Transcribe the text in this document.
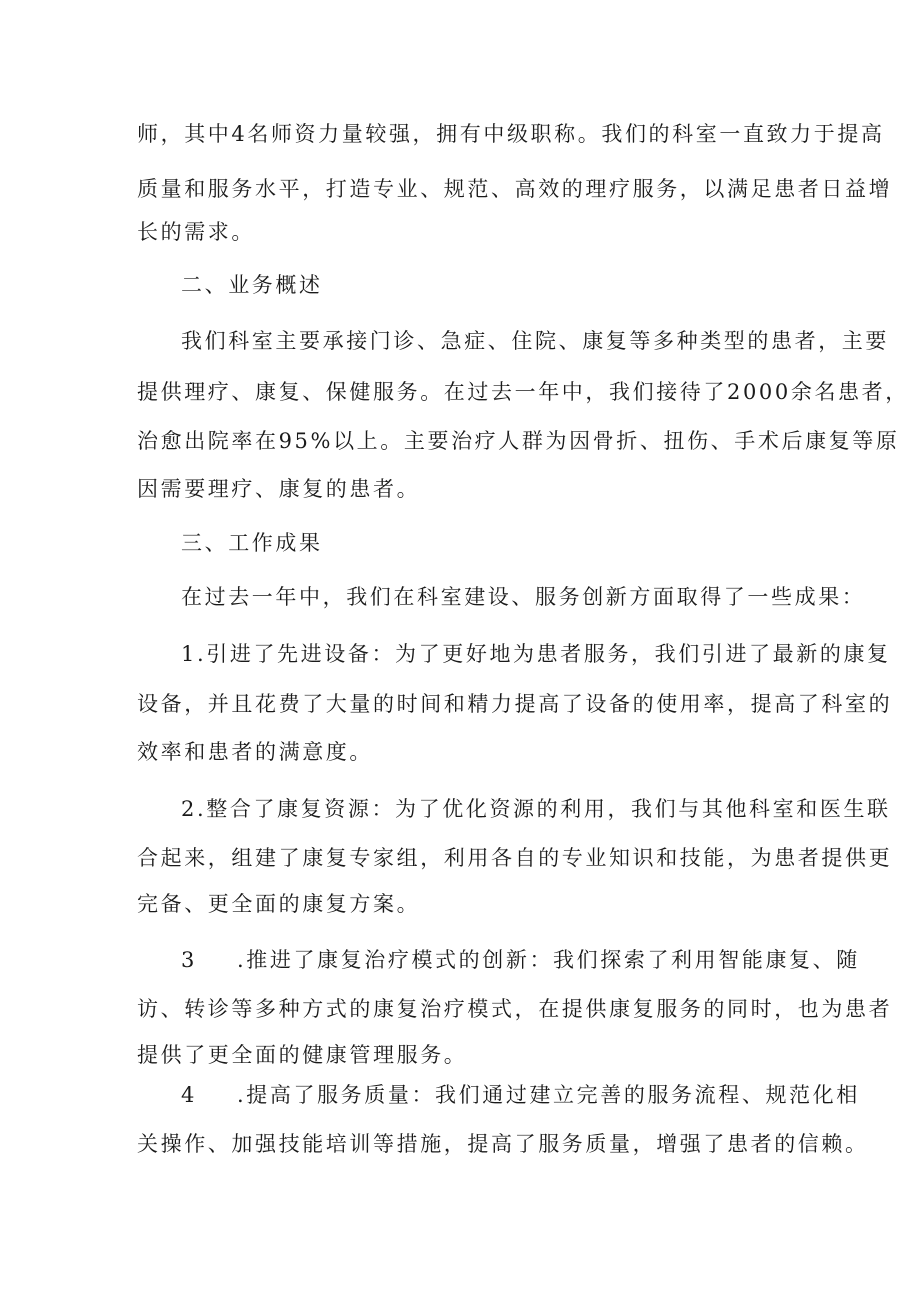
师，其中4名师资力量较强，拥有中级职称。我们的科室一直致力于提高
质量和服务水平，打造专业、规范、高效的理疗服务，以满足患者日益增
长的需求。
二、业务概述
我们科室主要承接门诊、急症、住院、康复等多种类型的患者，主要
提供理疗、康复、保健服务。在过去一年中，我们接待了2000余名患者，
治愈出院率在95%以上。主要治疗人群为因骨折、扭伤、手术后康复等原
因需要理疗、康复的患者。
三、工作成果
在过去一年中，我们在科室建设、服务创新方面取得了一些成果：
1.引进了先进设备：为了更好地为患者服务，我们引进了最新的康复
设备，并且花费了大量的时间和精力提高了设备的使用率，提高了科室的
效率和患者的满意度。
2.整合了康复资源：为了优化资源的利用，我们与其他科室和医生联
合起来，组建了康复专家组，利用各自的专业知识和技能，为患者提供更
完备、更全面的康复方案。
3 .推进了康复治疗模式的创新：我们探索了利用智能康复、随
访、转诊等多种方式的康复治疗模式，在提供康复服务的同时，也为患者
提供了更全面的健康管理服务。
4 .提高了服务质量：我们通过建立完善的服务流程、规范化相
关操作、加强技能培训等措施，提高了服务质量，增强了患者的信赖。
